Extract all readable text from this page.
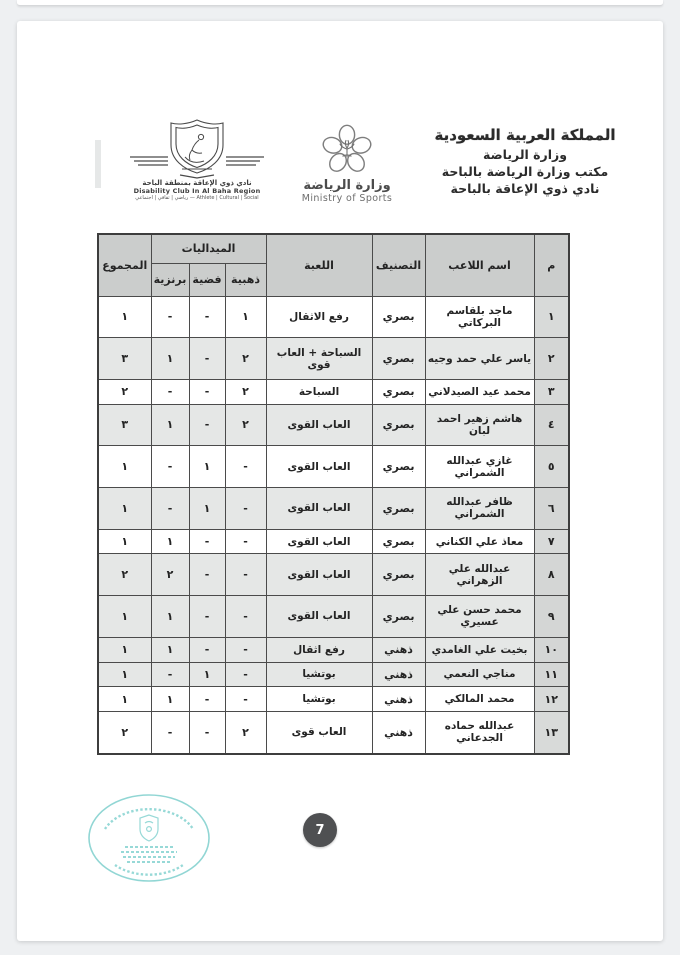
المملكة العربية السعودية
وزارة الرياضة
مكتب وزارة الرياضة بالباحة
نادي ذوي الإعاقة بالباحة
وزارة الرياضة
Ministry of Sports
نادي ذوي الإعاقة بمنطقة الباحة
Disability Club In Al Baha Region
رياضي | ثقافي | اجتماعي — Athlete | Cultural | Social
م	اسم اللاعب	التصنيف	اللعبة	الميداليات			المجموع
				ذهبية	فضية	برنزية	
١	ماجد بلقاسم البركاتي	بصري	رفع الاثقال	١	-	-	١
٢	ياسر علي حمد وجيه	بصري	السباحة + العاب قوى	٢	-	١	٣
٣	محمد عيد الصيدلاني	بصري	السباحة	٢	-	-	٢
٤	هاشم زهير احمد لبان	بصري	العاب القوى	٢	-	١	٣
٥	غازي عبدالله الشمراني	بصري	العاب القوى	-	١	-	١
٦	ظافر عبدالله الشمراني	بصري	العاب القوى	-	١	-	١
٧	معاذ علي الكناني	بصري	العاب القوى	-	-	١	١
٨	عبدالله علي الزهراني	بصري	العاب القوى	-	-	٢	٢
٩	محمد حسن علي عسيري	بصري	العاب القوى	-	-	١	١
١٠	بخيت علي الغامدي	ذهني	رفع اثقال	-	-	١	١
١١	مناجي النعمي	ذهني	بوتشيا	-	١	-	١
١٢	محمد المالكي	ذهني	بوتشيا	-	-	١	١
١٣	عبدالله حماده الجدعاني	ذهني	العاب قوى	٢	-	-	٢
7
